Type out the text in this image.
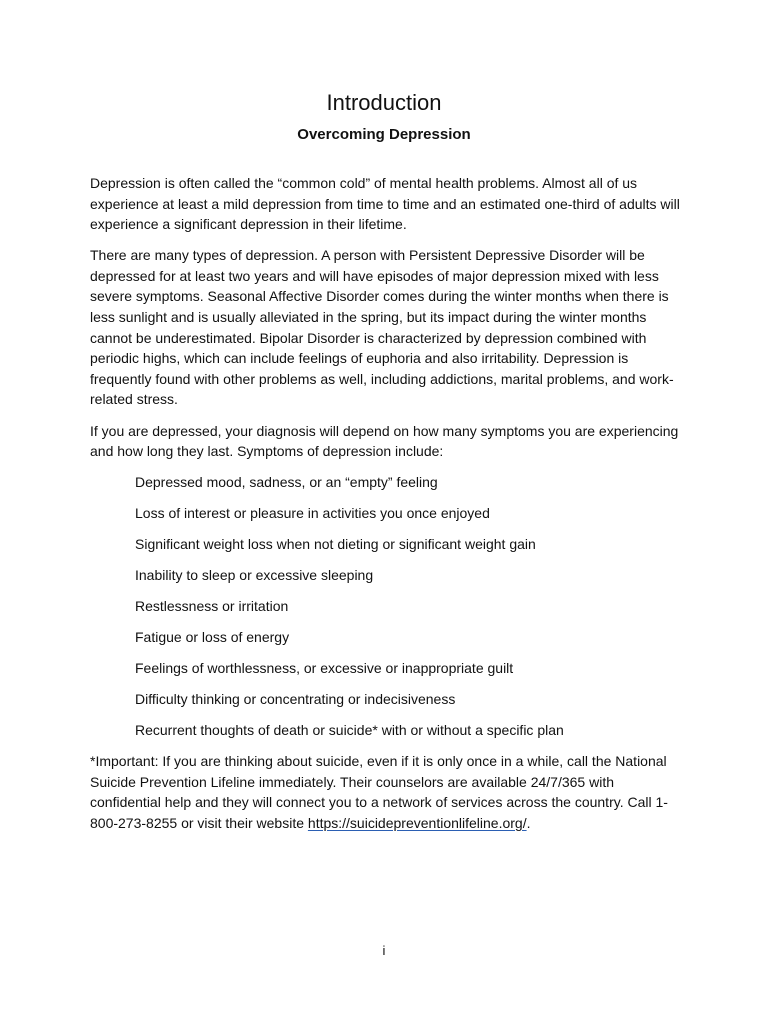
Introduction
Overcoming Depression

Depression is often called the “common cold” of mental health problems. Almost all of us experience at least a mild depression from time to time and an estimated one-third of adults will experience a significant depression in their lifetime.

There are many types of depression. A person with Persistent Depressive Disorder will be depressed for at least two years and will have episodes of major depression mixed with less severe symptoms. Seasonal Affective Disorder comes during the winter months when there is less sunlight and is usually alleviated in the spring, but its impact during the winter months cannot be underestimated. Bipolar Disorder is characterized by depression combined with periodic highs, which can include feelings of euphoria and also irritability. Depression is frequently found with other problems as well, including addictions, marital problems, and work-related stress.

If you are depressed, your diagnosis will depend on how many symptoms you are experiencing and how long they last. Symptoms of depression include:

Depressed mood, sadness, or an “empty” feeling
Loss of interest or pleasure in activities you once enjoyed
Significant weight loss when not dieting or significant weight gain
Inability to sleep or excessive sleeping
Restlessness or irritation
Fatigue or loss of energy
Feelings of worthlessness, or excessive or inappropriate guilt
Difficulty thinking or concentrating or indecisiveness
Recurrent thoughts of death or suicide* with or without a specific plan

*Important: If you are thinking about suicide, even if it is only once in a while, call the National Suicide Prevention Lifeline immediately. Their counselors are available 24/7/365 with confidential help and they will connect you to a network of services across the country. Call 1-800-273-8255 or visit their website https://suicidepreventionlifeline.org/.

i
